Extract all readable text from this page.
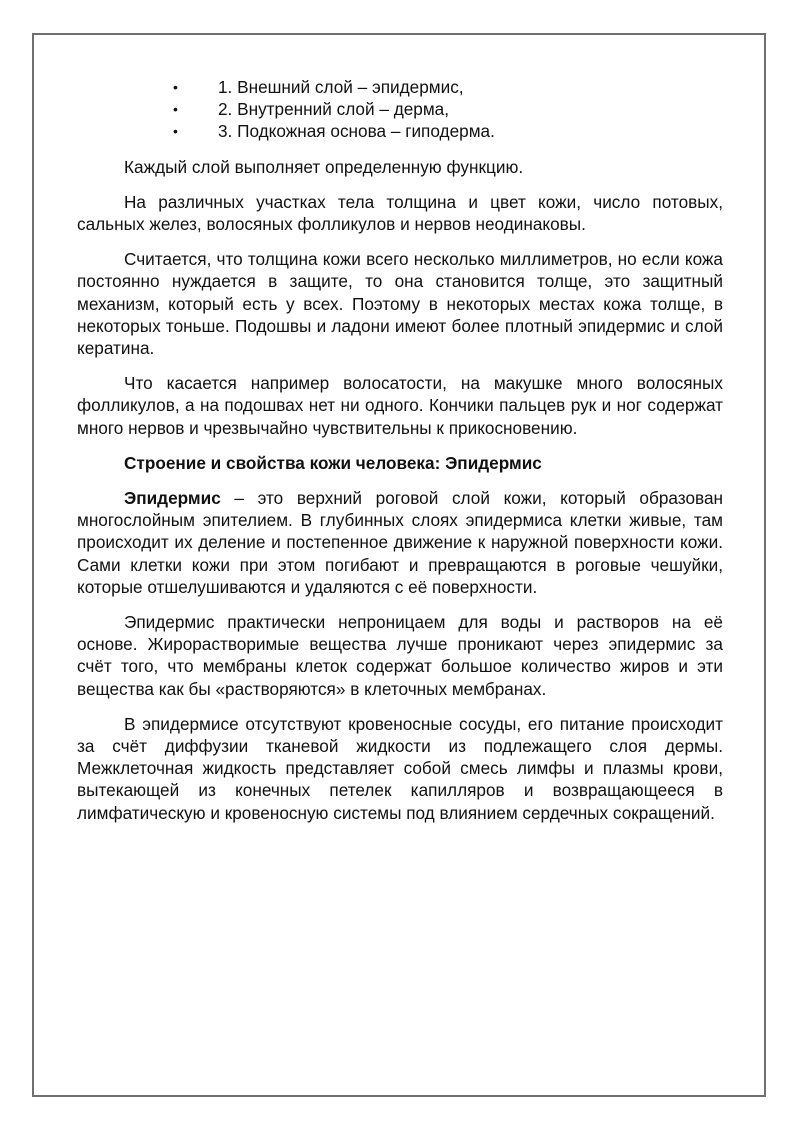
• 1. Внешний слой – эпидермис,
• 2. Внутренний слой – дерма,
• 3. Подкожная основа – гиподерма.

Каждый слой выполняет определенную функцию.

На различных участках тела толщина и цвет кожи, число потовых, сальных желез, волосяных фолликулов и нервов неодинаковы.

Считается, что толщина кожи всего несколько миллиметров, но если кожа постоянно нуждается в защите, то она становится толще, это защитный механизм, который есть у всех. Поэтому в некоторых местах кожа толще, в некоторых тоньше. Подошвы и ладони имеют более плотный эпидермис и слой кератина.

Что касается например волосатости, на макушке много волосяных фолликулов, а на подошвах нет ни одного. Кончики пальцев рук и ног содержат много нервов и чрезвычайно чувствительны к прикосновению.

Строение и свойства кожи человека: Эпидермис

Эпидермис – это верхний роговой слой кожи, который образован многослойным эпителием. В глубинных слоях эпидермиса клетки живые, там происходит их деление и постепенное движение к наружной поверхности кожи. Сами клетки кожи при этом погибают и превращаются в роговые чешуйки, которые отшелушиваются и удаляются с её поверхности.

Эпидермис практически непроницаем для воды и растворов на её основе. Жирорастворимые вещества лучше проникают через эпидермис за счёт того, что мембраны клеток содержат большое количество жиров и эти вещества как бы «растворяются» в клеточных мембранах.

В эпидермисе отсутствуют кровеносные сосуды, его питание происходит за счёт диффузии тканевой жидкости из подлежащего слоя дермы. Межклеточная жидкость представляет собой смесь лимфы и плазмы крови, вытекающей из конечных петелек капилляров и возвращающееся в лимфатическую и кровеносную системы под влиянием сердечных сокращений.
